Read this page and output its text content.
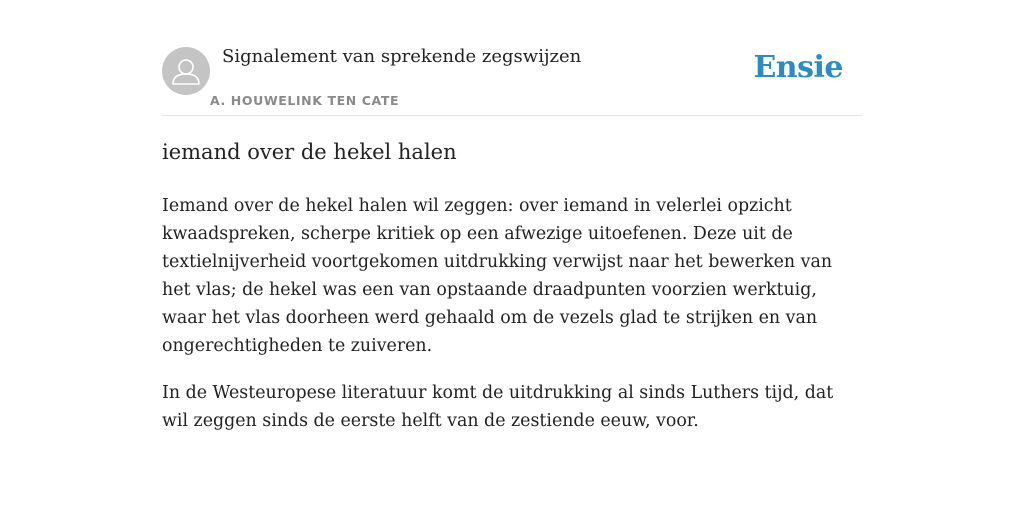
Signalement van sprekende zegswijzen
A. HOUWELINK TEN CATE
Ensie
iemand over de hekel halen

Iemand over de hekel halen wil zeggen: over iemand in velerlei opzicht kwaadspreken, scherpe kritiek op een afwezige uitoefenen. Deze uit de textielnijverheid voortgekomen uitdrukking verwijst naar het bewerken van het vlas; de hekel was een van opstaande draadpunten voorzien werktuig, waar het vlas doorheen werd gehaald om de vezels glad te strijken en van ongerechtigheden te zuiveren.

In de Westeuropese literatuur komt de uitdrukking al sinds Luthers tijd, dat wil zeggen sinds de eerste helft van de zestiende eeuw, voor.
